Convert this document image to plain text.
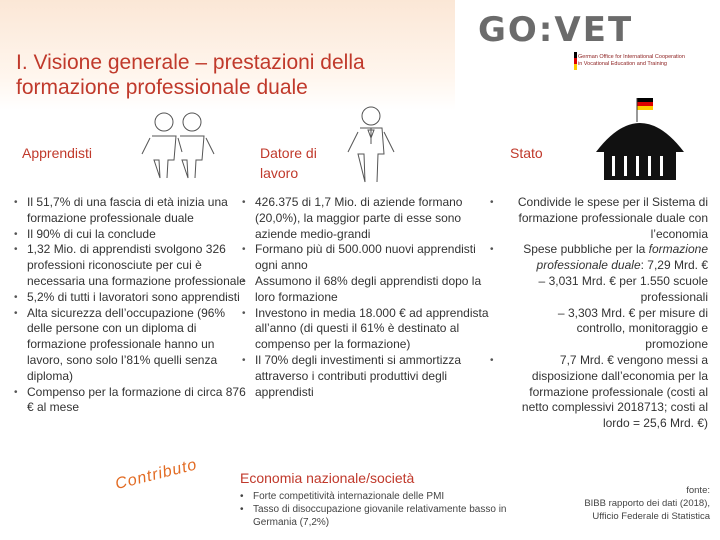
I. Visione generale – prestazioni della formazione professionale duale
GO:VET
German Office for International Cooperation
in Vocational Education and Training
Apprendisti
• Il 51,7% di una fascia di età inizia una formazione professionale duale
• Il 90% di cui la conclude
• 1,32 Mio. di apprendisti svolgono 326 professioni riconosciute per cui è necessaria una formazione professionale
• 5,2% di tutti i lavoratori sono apprendisti
• Alta sicurezza dell’occupazione (96% delle persone con un diploma di formazione professionale hanno un lavoro, sono solo l’81% quelli senza diploma)
• Compenso per la formazione di circa 876 € al mese
Datore di
lavoro
• 426.375 di 1,7 Mio. di aziende formano (20,0%), la maggior parte di esse sono aziende medio-grandi
• Formano più di 500.000 nuovi apprendisti ogni anno
• Assumono il 68% degli apprendisti dopo la loro formazione
• Investono in media 18.000 € ad apprendista all’anno (di questi il 61% è destinato al compenso per la formazione)
• Il 70% degli investimenti si ammortizza attraverso i contributi produttivi degli apprendisti
Stato
•	Condivide le spese per il Sistema di formazione professionale duale con l’economia
•	Spese pubbliche per la formazione professionale duale: 7,29 Mrd. €
– 3,031 Mrd. € per 1.550 scuole professionali
– 3,303 Mrd. € per misure di controllo, monitoraggio e promozione
•	7,7 Mrd. € vengono messi a disposizione dall’economia per la formazione professionale (costi al netto complessivi 2018713; costi al lordo = 25,6 Mrd. €)
Economia nazionale/società
• Forte competitività internazionale delle PMI
• Tasso di disoccupazione giovanile relativamente basso in Germania (7,2%)
Contributo	fonte:
BIBB rapporto dei dati (2018),
Ufficio Federale di Statistica
